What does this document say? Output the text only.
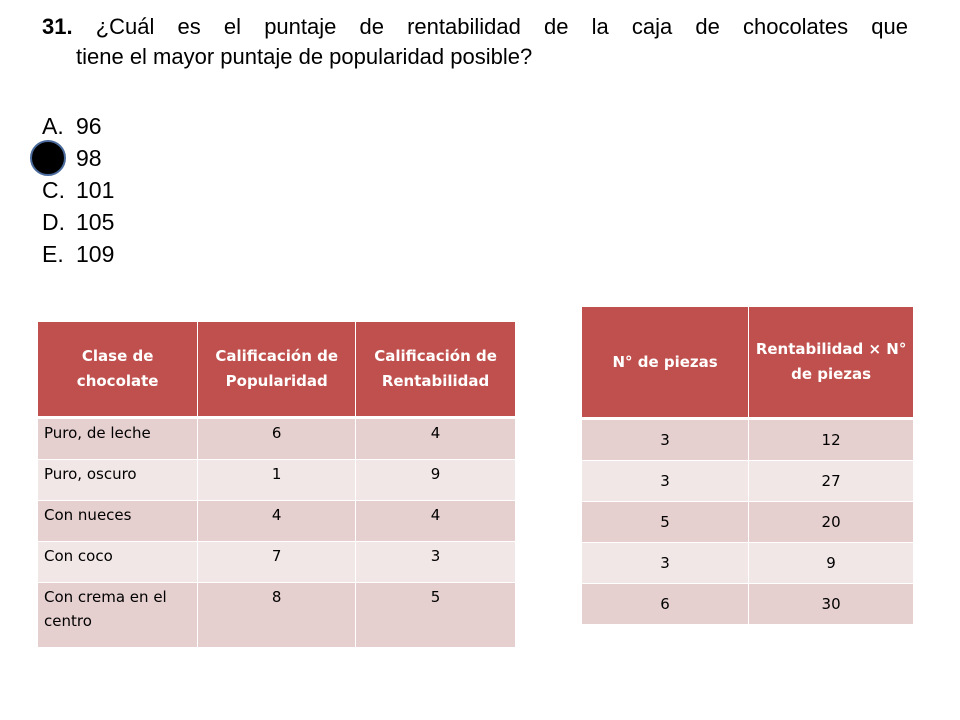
31. ¿Cuál es el puntaje de rentabilidad de la caja de chocolates que
tiene el mayor puntaje de popularidad posible?
A. 96
98
C. 101
D. 105
E. 109
Clase de chocolate	Calificación de Popularidad	Calificación de Rentabilidad
Puro, de leche	6	4
Puro, oscuro	1	9
Con nueces	4	4
Con coco	7	3
Con crema en el centro	8	5
N° de piezas	Rentabilidad × N° de piezas
3	12
3	27
5	20
3	9
6	30
